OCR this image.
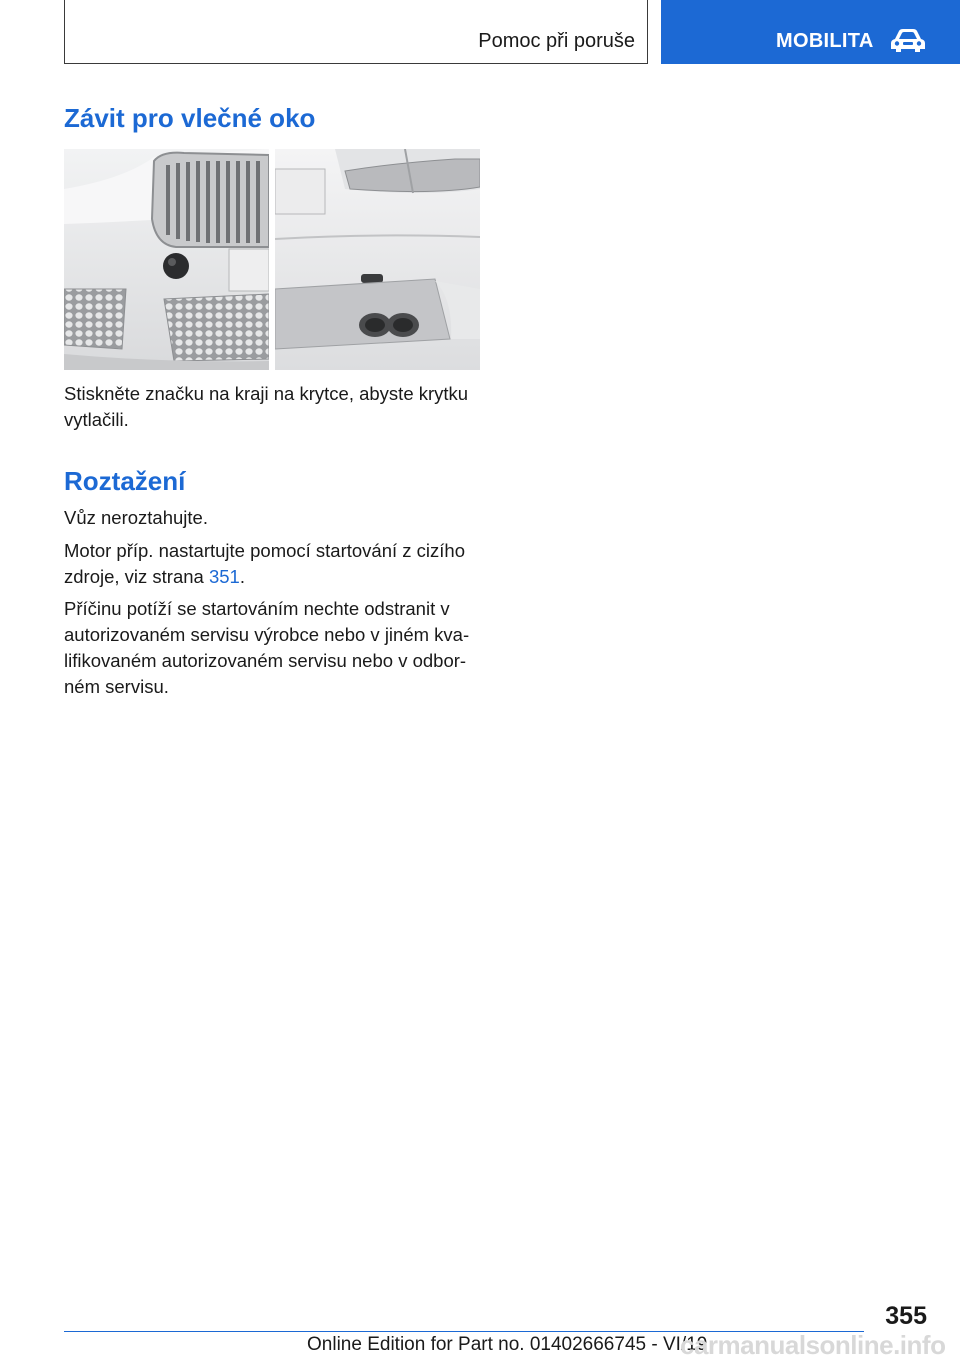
Pomoc při poruše	MOBILITA
Závit pro vlečné oko

Stiskněte značku na kraji na krytce, abyste krytku vytlačili.

Roztažení

Vůz neroztahujte.

Motor příp. nastartujte pomocí startování z cizího zdroje, viz strana 351.

Příčinu potíží se startováním nechte odstranit v autorizovaném servisu výrobce nebo v jiném kvalifikovaném autorizovaném servisu nebo v odborném servisu.

355
Online Edition for Part no. 01402666745 - VI/19
carmanualsonline.info
